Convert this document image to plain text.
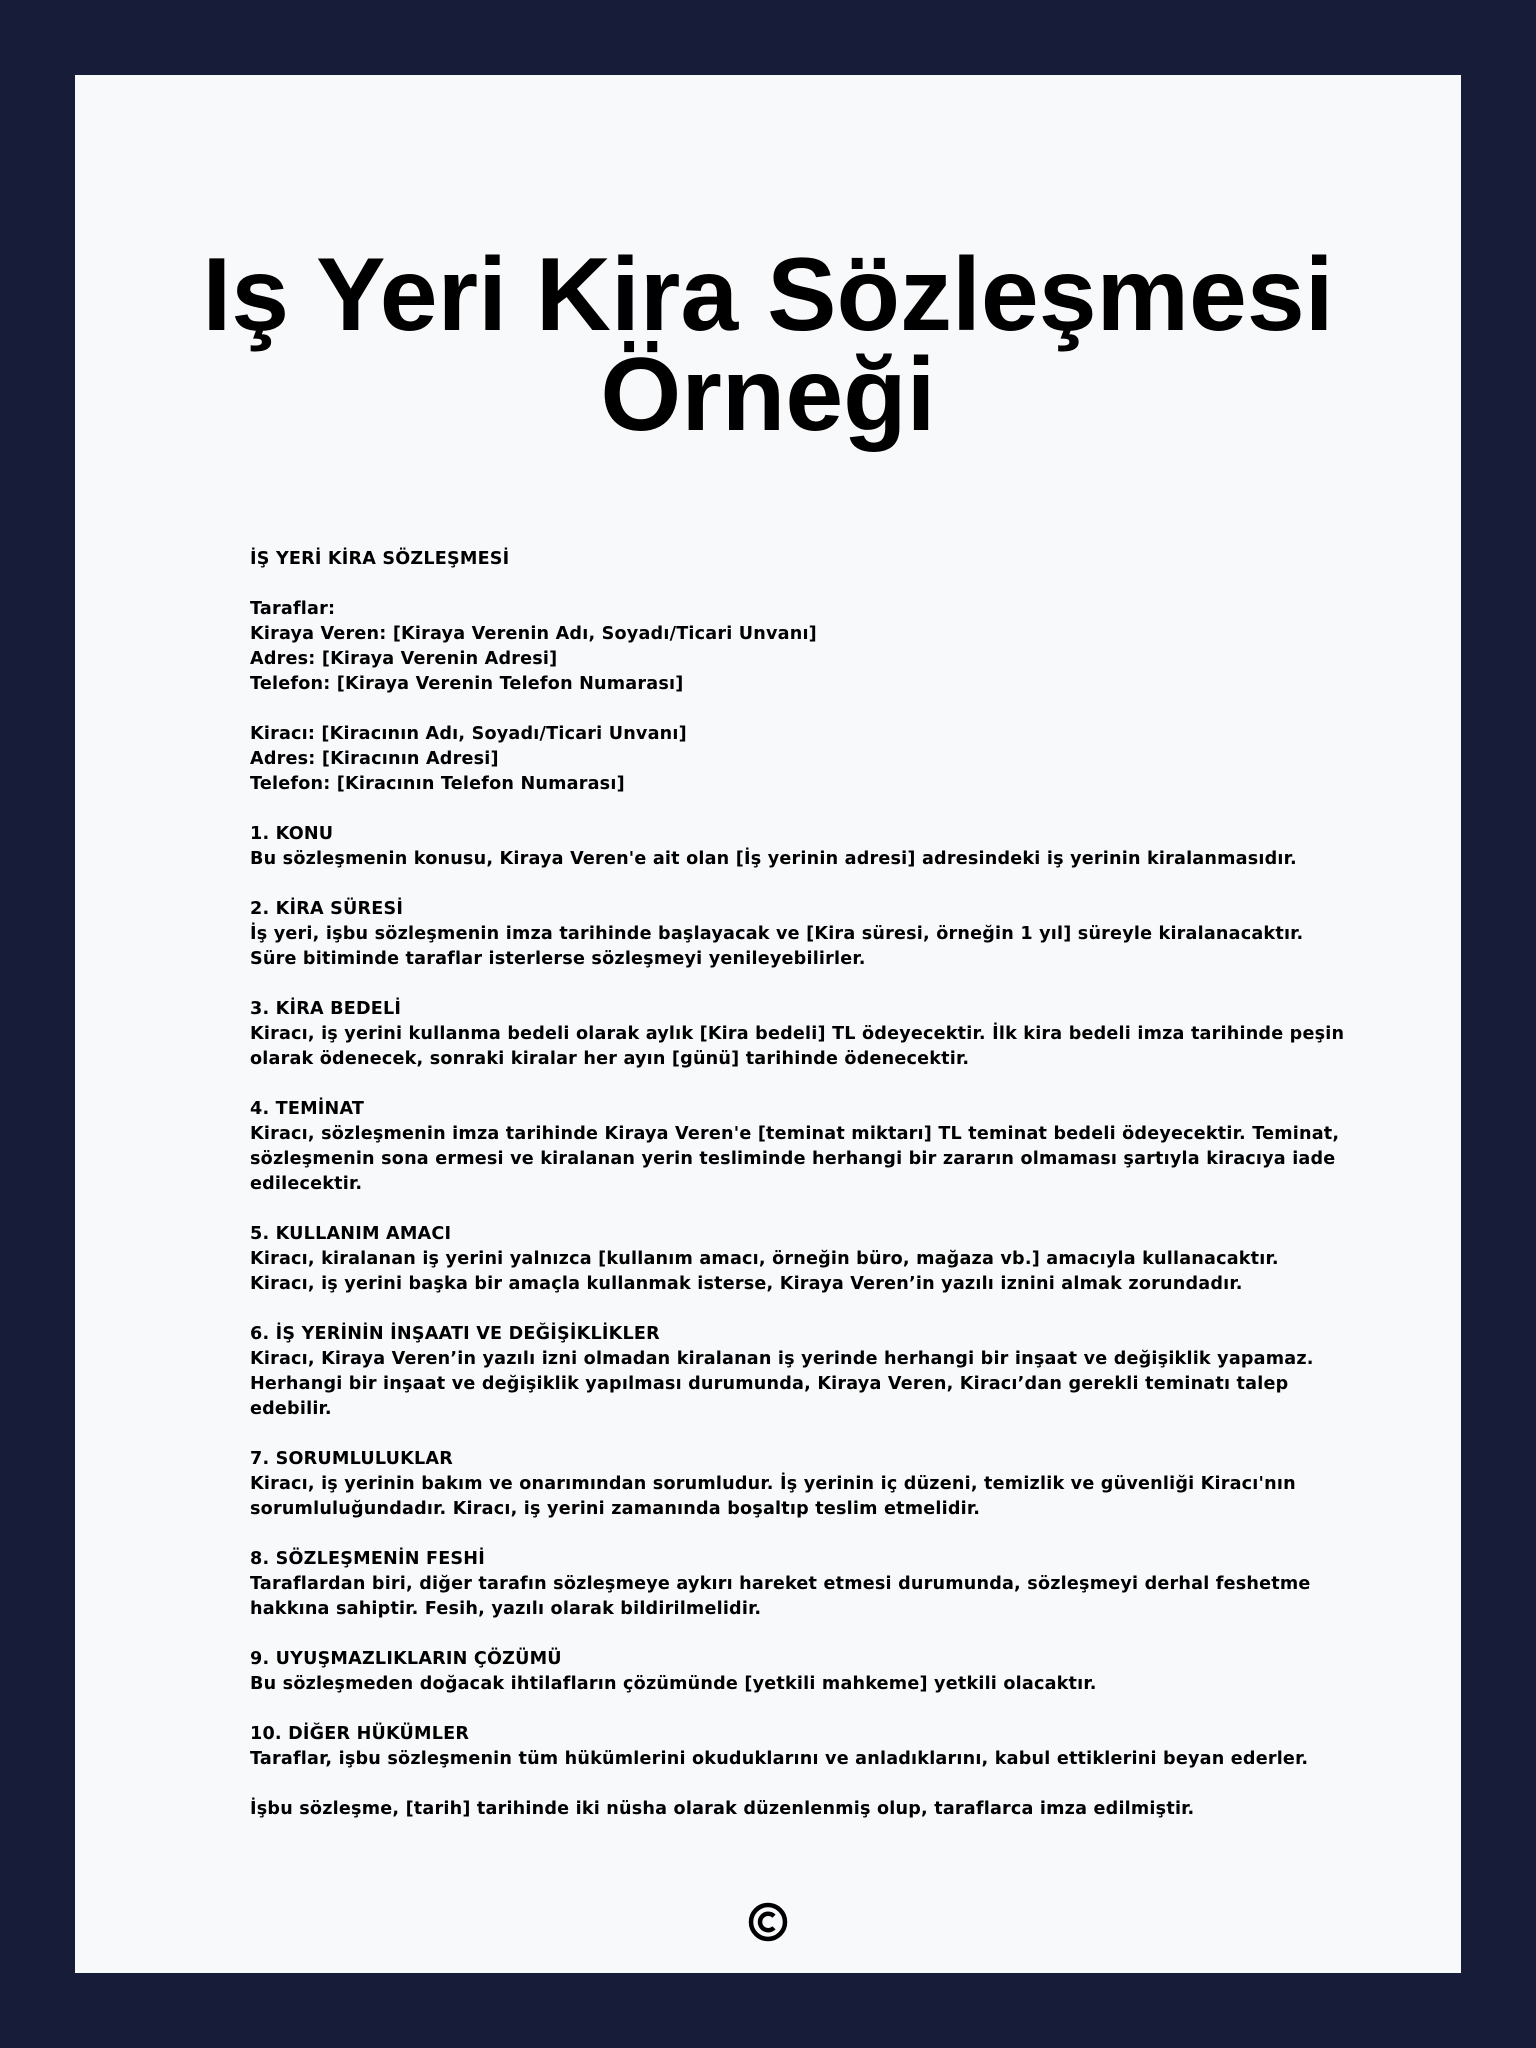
Iş Yeri Kira Sözleşmesi Örneği
İŞ YERİ KİRA SÖZLEŞMESİ
Taraflar:
Kiraya Veren: [Kiraya Verenin Adı, Soyadı/Ticari Unvanı]
Adres: [Kiraya Verenin Adresi]
Telefon: [Kiraya Verenin Telefon Numarası]
Kiracı: [Kiracının Adı, Soyadı/Ticari Unvanı]
Adres: [Kiracının Adresi]
Telefon: [Kiracının Telefon Numarası]
1. KONU
Bu sözleşmenin konusu, Kiraya Veren'e ait olan [İş yerinin adresi] adresindeki iş yerinin kiralanmasıdır.
2. KİRA SÜRESİ
İş yeri, işbu sözleşmenin imza tarihinde başlayacak ve [Kira süresi, örneğin 1 yıl] süreyle kiralanacaktır.
Süre bitiminde taraflar isterlerse sözleşmeyi yenileyebilirler.
3. KİRA BEDELİ
Kiracı, iş yerini kullanma bedeli olarak aylık [Kira bedeli] TL ödeyecektir. İlk kira bedeli imza tarihinde peşin
olarak ödenecek, sonraki kiralar her ayın [günü] tarihinde ödenecektir.
4. TEMİNAT
Kiracı, sözleşmenin imza tarihinde Kiraya Veren'e [teminat miktarı] TL teminat bedeli ödeyecektir. Teminat,
sözleşmenin sona ermesi ve kiralanan yerin tesliminde herhangi bir zararın olmaması şartıyla kiracıya iade
edilecektir.
5. KULLANIM AMACI
Kiracı, kiralanan iş yerini yalnızca [kullanım amacı, örneğin büro, mağaza vb.] amacıyla kullanacaktır.
Kiracı, iş yerini başka bir amaçla kullanmak isterse, Kiraya Veren’in yazılı iznini almak zorundadır.
6. İŞ YERİNİN İNŞAATI VE DEĞİŞİKLİKLER
Kiracı, Kiraya Veren’in yazılı izni olmadan kiralanan iş yerinde herhangi bir inşaat ve değişiklik yapamaz.
Herhangi bir inşaat ve değişiklik yapılması durumunda, Kiraya Veren, Kiracı’dan gerekli teminatı talep
edebilir.
7. SORUMLULUKLAR
Kiracı, iş yerinin bakım ve onarımından sorumludur. İş yerinin iç düzeni, temizlik ve güvenliği Kiracı'nın
sorumluluğundadır. Kiracı, iş yerini zamanında boşaltıp teslim etmelidir.
8. SÖZLEŞMENİN FESHİ
Taraflardan biri, diğer tarafın sözleşmeye aykırı hareket etmesi durumunda, sözleşmeyi derhal feshetme
hakkına sahiptir. Fesih, yazılı olarak bildirilmelidir.
9. UYUŞMAZLIKLARIN ÇÖZÜMÜ
Bu sözleşmeden doğacak ihtilafların çözümünde [yetkili mahkeme] yetkili olacaktır.
10. DİĞER HÜKÜMLER
Taraflar, işbu sözleşmenin tüm hükümlerini okuduklarını ve anladıklarını, kabul ettiklerini beyan ederler.
İşbu sözleşme, [tarih] tarihinde iki nüsha olarak düzenlenmiş olup, taraflarca imza edilmiştir.
